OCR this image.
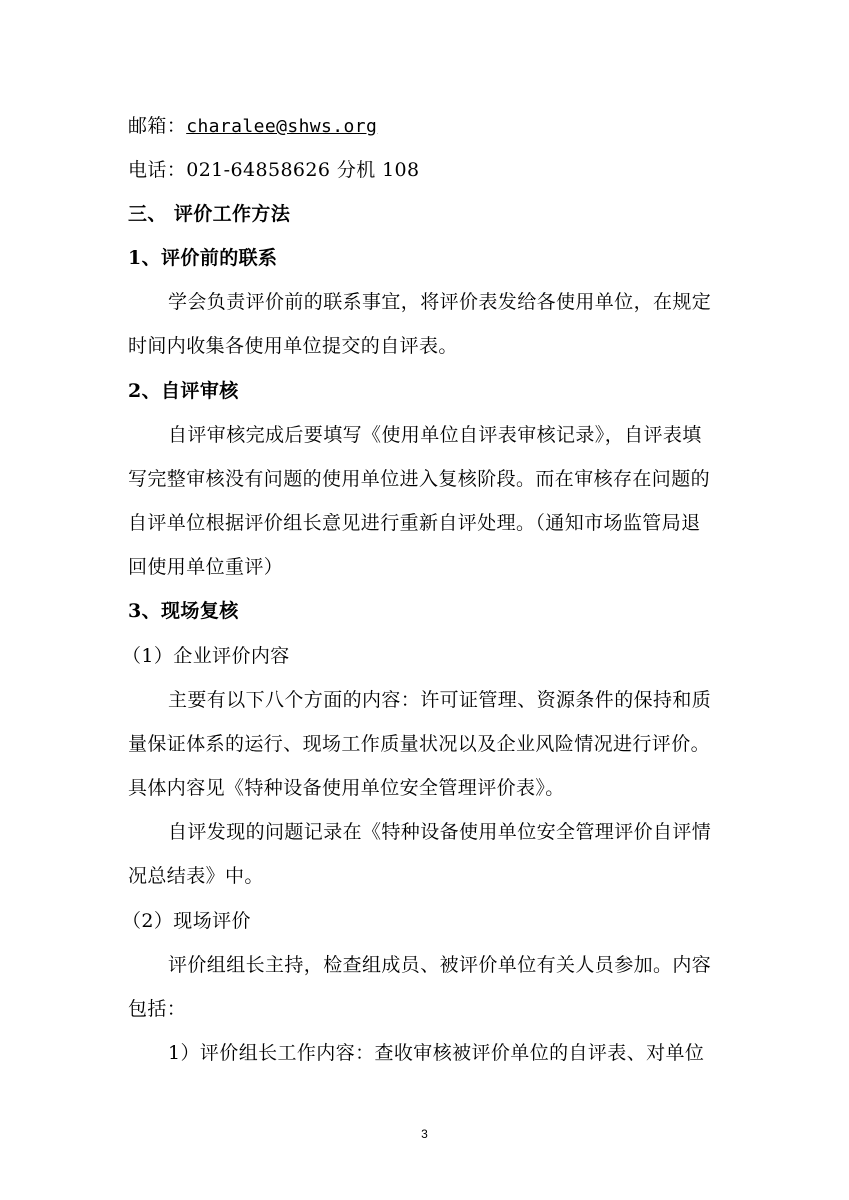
邮箱：charalee@shws.org
电话：021-64858626 分机 108
三、 评价工作方法
1、评价前的联系
学会负责评价前的联系事宜，将评价表发给各使用单位，在规定
时间内收集各使用单位提交的自评表。
2、自评审核
自评审核完成后要填写《使用单位自评表审核记录》，自评表填
写完整审核没有问题的使用单位进入复核阶段。而在审核存在问题的
自评单位根据评价组长意见进行重新自评处理。（通知市场监管局退
回使用单位重评）
3、现场复核
（1）企业评价内容
主要有以下八个方面的内容：许可证管理、资源条件的保持和质
量保证体系的运行、现场工作质量状况以及企业风险情况进行评价。
具体内容见《特种设备使用单位安全管理评价表》。
自评发现的问题记录在《特种设备使用单位安全管理评价自评情
况总结表》中。
（2）现场评价
评价组组长主持，检查组成员、被评价单位有关人员参加。内容
包括：
1）评价组长工作内容：查收审核被评价单位的自评表、对单位
3
